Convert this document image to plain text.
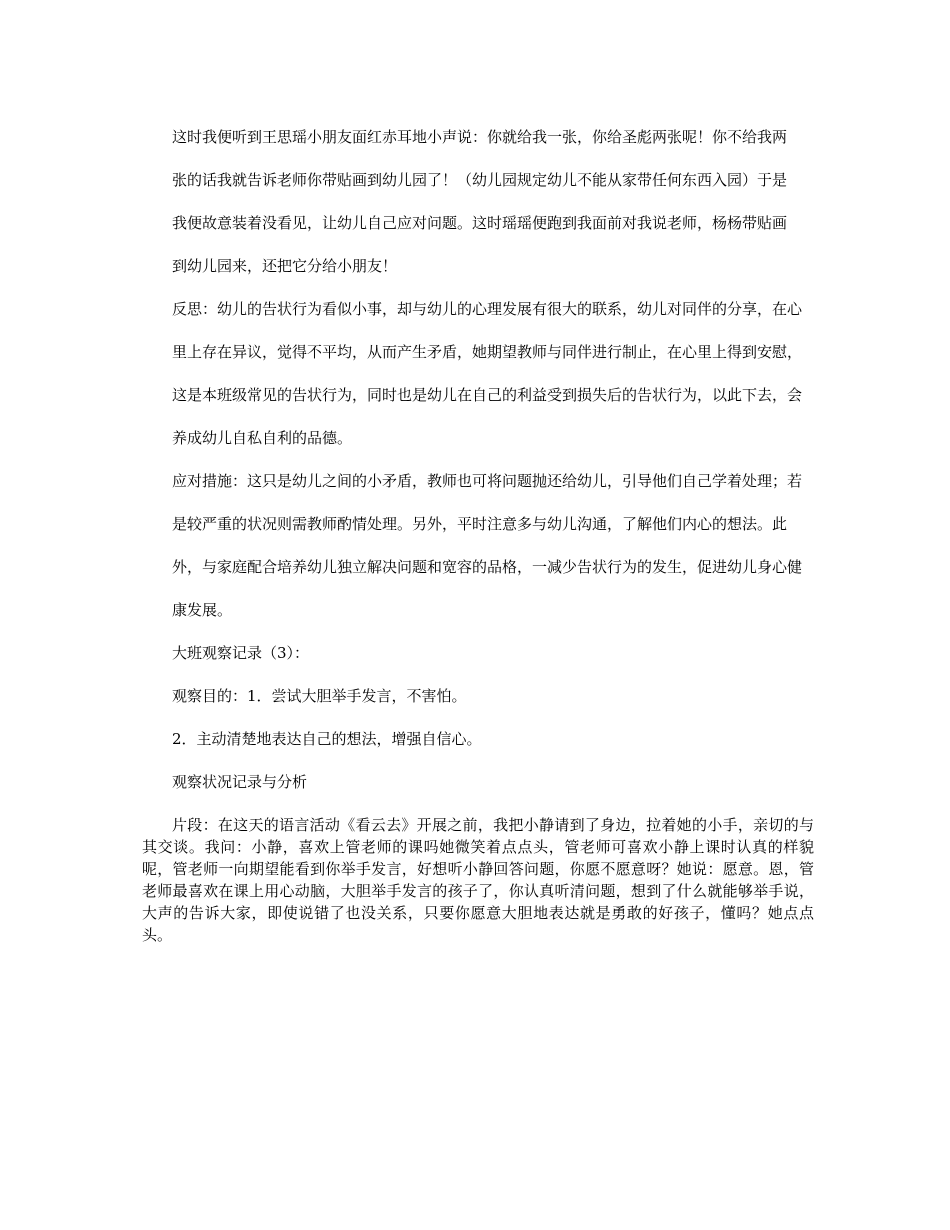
这时我便听到王思瑶小朋友面红赤耳地小声说：你就给我一张，你给圣彪两张呢！你不给我两

张的话我就告诉老师你带贴画到幼儿园了！（幼儿园规定幼儿不能从家带任何东西入园）于是

我便故意装着没看见，让幼儿自己应对问题。这时瑶瑶便跑到我面前对我说老师，杨杨带贴画

到幼儿园来，还把它分给小朋友！

反思：幼儿的告状行为看似小事，却与幼儿的心理发展有很大的联系，幼儿对同伴的分享，在心

里上存在异议，觉得不平均，从而产生矛盾，她期望教师与同伴进行制止，在心里上得到安慰，

这是本班级常见的告状行为，同时也是幼儿在自己的利益受到损失后的告状行为，以此下去，会

养成幼儿自私自利的品德。

应对措施：这只是幼儿之间的小矛盾，教师也可将问题抛还给幼儿，引导他们自己学着处理；若

是较严重的状况则需教师酌情处理。另外，平时注意多与幼儿沟通，了解他们内心的想法。此

外，与家庭配合培养幼儿独立解决问题和宽容的品格，一减少告状行为的发生，促进幼儿身心健

康发展。

大班观察记录（3）：

观察目的：1．尝试大胆举手发言，不害怕。

2．主动清楚地表达自己的想法，增强自信心。

观察状况记录与分析

片段：在这天的语言活动《看云去》开展之前，我把小静请到了身边，拉着她的小手，亲切的与其交谈。我问：小静，喜欢上管老师的课吗她微笑着点点头，管老师可喜欢小静上课时认真的样貌呢，管老师一向期望能看到你举手发言，好想听小静回答问题，你愿不愿意呀？她说：愿意。恩，管老师最喜欢在课上用心动脑，大胆举手发言的孩子了，你认真听清问题，想到了什么就能够举手说，大声的告诉大家，即使说错了也没关系，只要你愿意大胆地表达就是勇敢的好孩子，懂吗？她点点头。
